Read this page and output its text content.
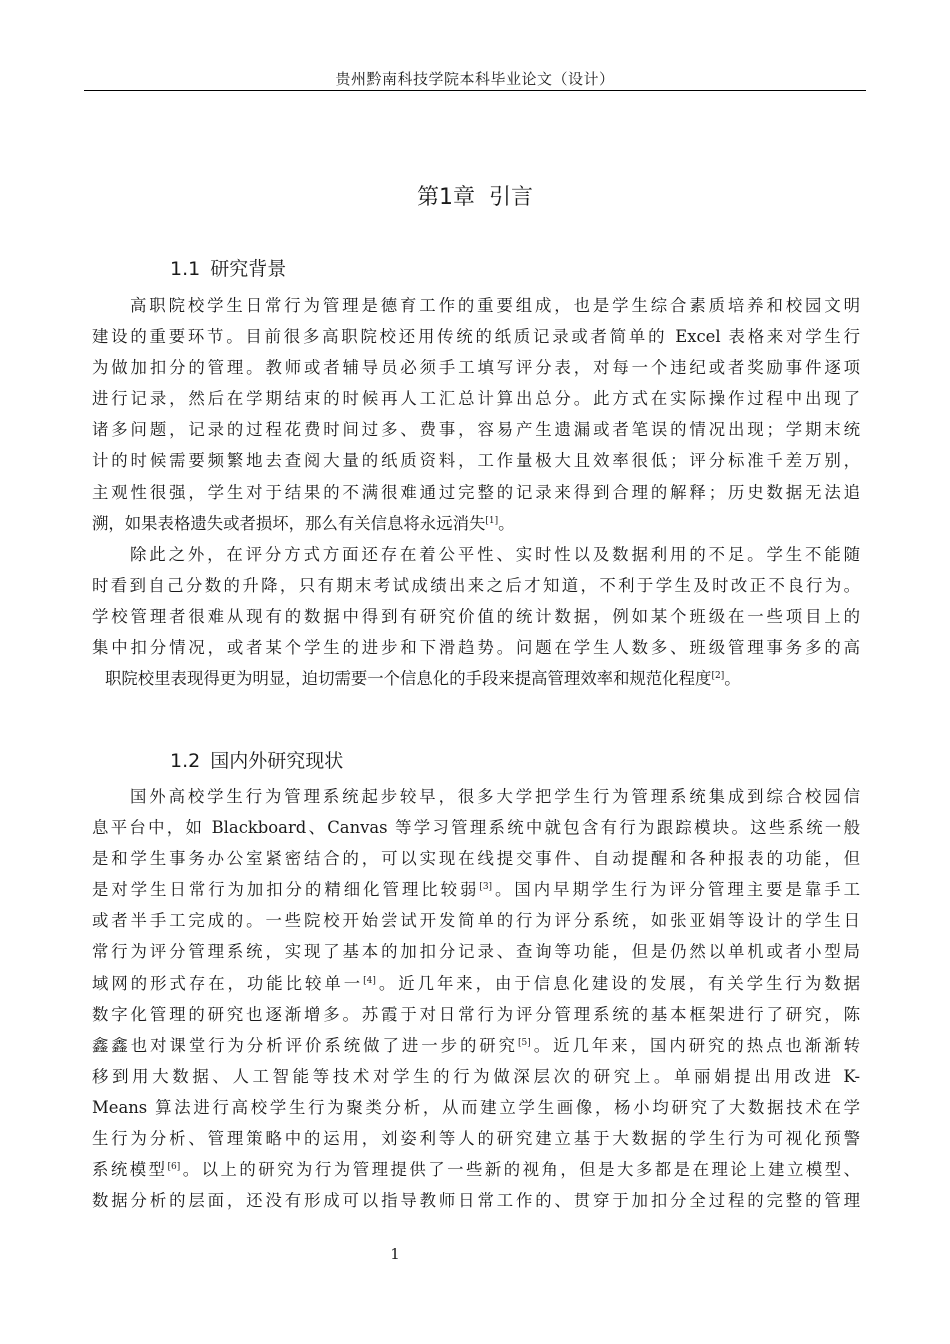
贵州黔南科技学院本科毕业论文（设计）
第1章 引言
1.1 研究背景

高职院校学生日常行为管理是德育工作的重要组成，也是学生综合素质培养和校园文明
建设的重要环节。目前很多高职院校还用传统的纸质记录或者简单的 Excel 表格来对学生行
为做加扣分的管理。教师或者辅导员必须手工填写评分表，对每一个违纪或者奖励事件逐项
进行记录，然后在学期结束的时候再人工汇总计算出总分。此方式在实际操作过程中出现了
诸多问题，记录的过程花费时间过多、费事，容易产生遗漏或者笔误的情况出现；学期末统
计的时候需要频繁地去查阅大量的纸质资料，工作量极大且效率很低；评分标准千差万别，
主观性很强，学生对于结果的不满很难通过完整的记录来得到合理的解释；历史数据无法追
溯，如果表格遗失或者损坏，那么有关信息将永远消失[1]。

除此之外，在评分方式方面还存在着公平性、实时性以及数据利用的不足。学生不能随
时看到自己分数的升降，只有期末考试成绩出来之后才知道，不利于学生及时改正不良行为。
学校管理者很难从现有的数据中得到有研究价值的统计数据，例如某个班级在一些项目上的
集中扣分情况，或者某个学生的进步和下滑趋势。问题在学生人数多、班级管理事务多的高
职院校里表现得更为明显，迫切需要一个信息化的手段来提高管理效率和规范化程度[2]。

1.2 国内外研究现状

国外高校学生行为管理系统起步较早，很多大学把学生行为管理系统集成到综合校园信
息平台中，如 Blackboard、Canvas 等学习管理系统中就包含有行为跟踪模块。这些系统一般
是和学生事务办公室紧密结合的，可以实现在线提交事件、自动提醒和各种报表的功能，但
是对学生日常行为加扣分的精细化管理比较弱[3]。国内早期学生行为评分管理主要是靠手工
或者半手工完成的。一些院校开始尝试开发简单的行为评分系统，如张亚娟等设计的学生日
常行为评分管理系统，实现了基本的加扣分记录、查询等功能，但是仍然以单机或者小型局
域网的形式存在，功能比较单一[4]。近几年来，由于信息化建设的发展，有关学生行为数据
数字化管理的研究也逐渐增多。苏霞于对日常行为评分管理系统的基本框架进行了研究，陈
鑫鑫也对课堂行为分析评价系统做了进一步的研究[5]。近几年来，国内研究的热点也渐渐转
移到用大数据、人工智能等技术对学生的行为做深层次的研究上。单丽娟提出用改进 K-
Means 算法进行高校学生行为聚类分析，从而建立学生画像，杨小均研究了大数据技术在学
生行为分析、管理策略中的运用，刘姿利等人的研究建立基于大数据的学生行为可视化预警
系统模型[6]。以上的研究为行为管理提供了一些新的视角，但是大多都是在理论上建立模型、
数据分析的层面，还没有形成可以指导教师日常工作的、贯穿于加扣分全过程的完整的管理

1
